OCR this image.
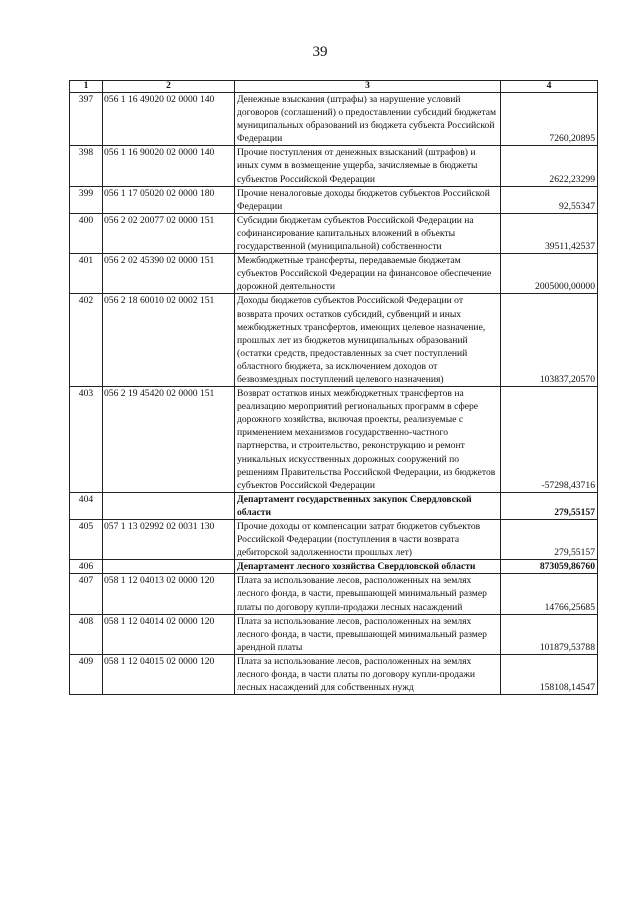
39
1	2	3	4
397	056 1 16 49020 02 0000 140	Денежные взыскания (штрафы) за нарушение условий договоров (соглашений) о предоставлении субсидий бюджетам муниципальных образований из бюджета субъекта Российской Федерации	7260,20895
398	056 1 16 90020 02 0000 140	Прочие поступления от денежных взысканий (штрафов) и иных сумм в возмещение ущерба, зачисляемые в бюджеты субъектов Российской Федерации	2622,23299
399	056 1 17 05020 02 0000 180	Прочие неналоговые доходы бюджетов субъектов Российской Федерации	92,55347
400	056 2 02 20077 02 0000 151	Субсидии бюджетам субъектов Российской Федерации на софинансирование капитальных вложений в объекты государственной (муниципальной) собственности	39511,42537
401	056 2 02 45390 02 0000 151	Межбюджетные трансферты, передаваемые бюджетам субъектов Российской Федерации на финансовое обеспечение дорожной деятельности	2005000,00000
402	056 2 18 60010 02 0002 151	Доходы бюджетов субъектов Российской Федерации от возврата прочих остатков субсидий, субвенций и иных межбюджетных трансфертов, имеющих целевое назначение, прошлых лет из бюджетов муниципальных образований (остатки средств, предоставленных за счет поступлений областного бюджета, за исключением доходов от безвозмездных поступлений целевого назначения)	103837,20570
403	056 2 19 45420 02 0000 151	Возврат остатков иных межбюджетных трансфертов на реализацию мероприятий региональных программ в сфере дорожного хозяйства, включая проекты, реализуемые с применением механизмов государственно-частного партнерства, и строительство, реконструкцию и ремонт уникальных искусственных дорожных сооружений по решениям Правительства Российской Федерации, из бюджетов субъектов Российской Федерации	-57298,43716
404		Департамент государственных закупок Свердловской области	279,55157
405	057 1 13 02992 02 0031 130	Прочие доходы от компенсации затрат бюджетов субъектов Российской Федерации (поступления в части возврата дебиторской задолженности прошлых лет)	279,55157
406		Департамент лесного хозяйства Свердловской области	873059,86760
407	058 1 12 04013 02 0000 120	Плата за использование лесов, расположенных на землях лесного фонда, в части, превышающей минимальный размер платы по договору купли-продажи лесных насаждений	14766,25685
408	058 1 12 04014 02 0000 120	Плата за использование лесов, расположенных на землях лесного фонда, в части, превышающей минимальный размер арендной платы	101879,53788
409	058 1 12 04015 02 0000 120	Плата за использование лесов, расположенных на землях лесного фонда, в части платы по договору купли-продажи лесных насаждений для собственных нужд	158108,14547
